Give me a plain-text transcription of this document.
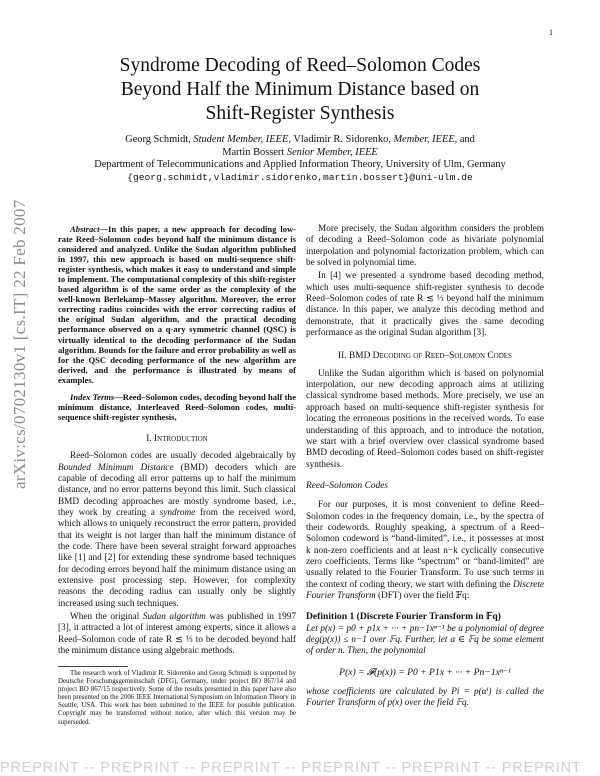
1
Syndrome Decoding of Reed–Solomon Codes
Beyond Half the Minimum Distance based on
Shift-Register Synthesis
Georg Schmidt, Student Member, IEEE, Vladimir R. Sidorenko, Member, IEEE, and
Martin Bossert Senior Member, IEEE
Department of Telecommunications and Applied Information Theory, University of Ulm, Germany
{georg.schmidt,vladimir.sidorenko,martin.bossert}@uni-ulm.de
arXiv:cs/0702130v1 [cs.IT] 22 Feb 2007	Abstract—In this paper, a new approach for decoding low-rate Reed–Solomon codes beyond half the minimum distance is considered and analyzed. Unlike the Sudan algorithm published in 1997, this new approach is based on multi-sequence shift-register synthesis, which makes it easy to understand and simple to implement. The computational complexity of this shift-register based algorithm is of the same order as the complexity of the well-known Berlekamp–Massey algorithm. Moreover, the error correcting radius coincides with the error correcting radius of the original Sudan algorithm, and the practical decoding performance observed on a q-ary symmetric channel (QSC) is virtually identical to the decoding performance of the Sudan algorithm. Bounds for the failure and error probability as well as for the QSC decoding performance of the new algorithm are derived, and the performance is illustrated by means of examples.

Index Terms—Reed–Solomon codes, decoding beyond half the minimum distance, Interleaved Reed–Solomon codes, multi-sequence shift-register synthesis,

I. Introduction

Reed–Solomon codes are usually decoded algebraically by Bounded Minimum Distance (BMD) decoders which are capable of decoding all error patterns up to half the minimum distance, and no error patterns beyond this limit. Such classical BMD decoding approaches are mostly syndrome based, i.e., they work by creating a syndrome from the received word, which allows to uniquely reconstruct the error pattern, provided that its weight is not larger than half the minimum distance of the code. There have been several straight forward approaches like [1] and [2] for extending these syndrome based techniques for decoding errors beyond half the minimum distance using an extensive post processing step. However, for complexity reasons the decoding radius can usually only be slightly increased using such techniques.

When the original Sudan algorithm was published in 1997 [3], it attracted a lot of interest among experts, since it allows a Reed–Solomon code of rate R ≲ ⅓ to be decoded beyond half the minimum distance using algebraic methods.

The research work of Vladimir R. Sidorenko and Georg Schmidt is supported by Deutsche Forschungsgemeinschaft (DFG), Germany, under project BO 867/14 and project BO 867/15 respectively. Some of the results presented in this paper have also been presented on the 2006 IEEE International Symposium on Information Theory in Seattle, USA. This work has been submitted to the IEEE for possible publication. Copyright may be transferred without notice, after which this version may be superseded.

More precisely, the Sudan algorithm considers the problem of decoding a Reed–Solomon code as bivariate polynomial interpolation and polynomial factorization problem, which can be solved in polynomial time.

In [4] we presented a syndrome based decoding method, which uses multi-sequence shift-register synthesis to decode Reed–Solomon codes of rate R ≲ ⅓ beyond half the minimum distance. In this paper, we analyze this decoding method and demonstrate, that it practically gives the same decoding performance as the original Sudan algorithm [3].

II. BMD Decoding of Reed–Solomon Codes

Unlike the Sudan algorithm which is based on polynomial interpolation, our new decoding approach aims at utilizing classical syndrome based methods. More precisely, we use an approach based on multi-sequence shift-register synthesis for locating the erroneous positions in the received words. To ease understanding of this approach, and to introduce the notation, we start with a brief overview over classical syndrome based BMD decoding of Reed–Solomon codes based on shift-register synthesis.

Reed–Solomon Codes

For our purposes, it is most convenient to define Reed–Solomon codes in the frequency domain, i.e., by the spectra of their codewords. Roughly speaking, a spectrum of a Reed–Solomon codeword is “band-limited”, i.e., it possesses at most k non-zero coefficients and at least n−k cyclically consecutive zero coefficients. Terms like “spectrum” or “band-limited” are usually related to the Fourier Transform. To use such terms in the context of coding theory, we start with defining the Discrete Fourier Transform (DFT) over the field 𝔽q:

Definition 1 (Discrete Fourier Transform in 𝔽q)

Let p(x) = p0 + p1x + ··· + pn−1xⁿ⁻¹ be a polynomial of degree deg(p(x)) ≤ n−1 over 𝔽q. Further, let α ∈ 𝔽q be some element of order n. Then, the polynomial

P(x) = 𝓕(p(x)) = P0 + P1x + ··· + Pn−1xⁿ⁻¹

whose coefficients are calculated by Pi = p(αⁱ) is called the Fourier Transform of p(x) over the field 𝔽q.

PREPRINT -- PREPRINT -- PREPRINT -- PREPRINT -- PREPRINT -- PREPRINT
